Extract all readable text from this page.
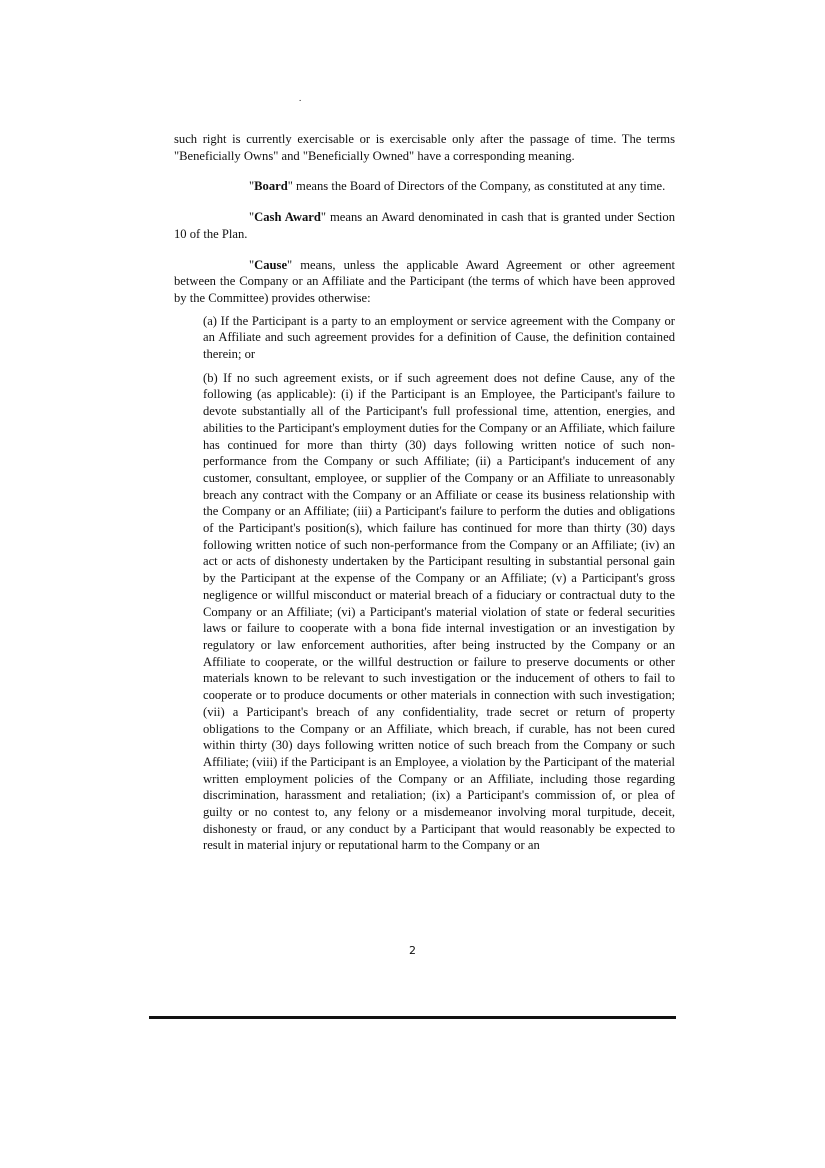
.

such right is currently exercisable or is exercisable only after the passage of time. The terms "Beneficially Owns" and "Beneficially Owned" have a corresponding meaning.

"Board" means the Board of Directors of the Company, as constituted at any time.

"Cash Award" means an Award denominated in cash that is granted under Section 10 of the Plan.

"Cause" means, unless the applicable Award Agreement or other agreement between the Company or an Affiliate and the Participant (the terms of which have been approved by the Committee) provides otherwise:

(a) If the Participant is a party to an employment or service agreement with the Company or an Affiliate and such agreement provides for a definition of Cause, the definition contained therein; or

(b) If no such agreement exists, or if such agreement does not define Cause, any of the following (as applicable): (i) if the Participant is an Employee, the Participant's failure to devote substantially all of the Participant's full professional time, attention, energies, and abilities to the Participant's employment duties for the Company or an Affiliate, which failure has continued for more than thirty (30) days following written notice of such non-performance from the Company or such Affiliate; (ii) a Participant's inducement of any customer, consultant, employee, or supplier of the Company or an Affiliate to unreasonably breach any contract with the Company or an Affiliate or cease its business relationship with the Company or an Affiliate; (iii) a Participant's failure to perform the duties and obligations of the Participant's position(s), which failure has continued for more than thirty (30) days following written notice of such non-performance from the Company or an Affiliate; (iv) an act or acts of dishonesty undertaken by the Participant resulting in substantial personal gain by the Participant at the expense of the Company or an Affiliate; (v) a Participant's gross negligence or willful misconduct or material breach of a fiduciary or contractual duty to the Company or an Affiliate; (vi) a Participant's material violation of state or federal securities laws or failure to cooperate with a bona fide internal investigation or an investigation by regulatory or law enforcement authorities, after being instructed by the Company or an Affiliate to cooperate, or the willful destruction or failure to preserve documents or other materials known to be relevant to such investigation or the inducement of others to fail to cooperate or to produce documents or other materials in connection with such investigation; (vii) a Participant's breach of any confidentiality, trade secret or return of property obligations to the Company or an Affiliate, which breach, if curable, has not been cured within thirty (30) days following written notice of such breach from the Company or such Affiliate; (viii) if the Participant is an Employee, a violation by the Participant of the material written employment policies of the Company or an Affiliate, including those regarding discrimination, harassment and retaliation; (ix) a Participant's commission of, or plea of guilty or no contest to, any felony or a misdemeanor involving moral turpitude, deceit, dishonesty or fraud, or any conduct by a Participant that would reasonably be expected to result in material injury or reputational harm to the Company or an

2
